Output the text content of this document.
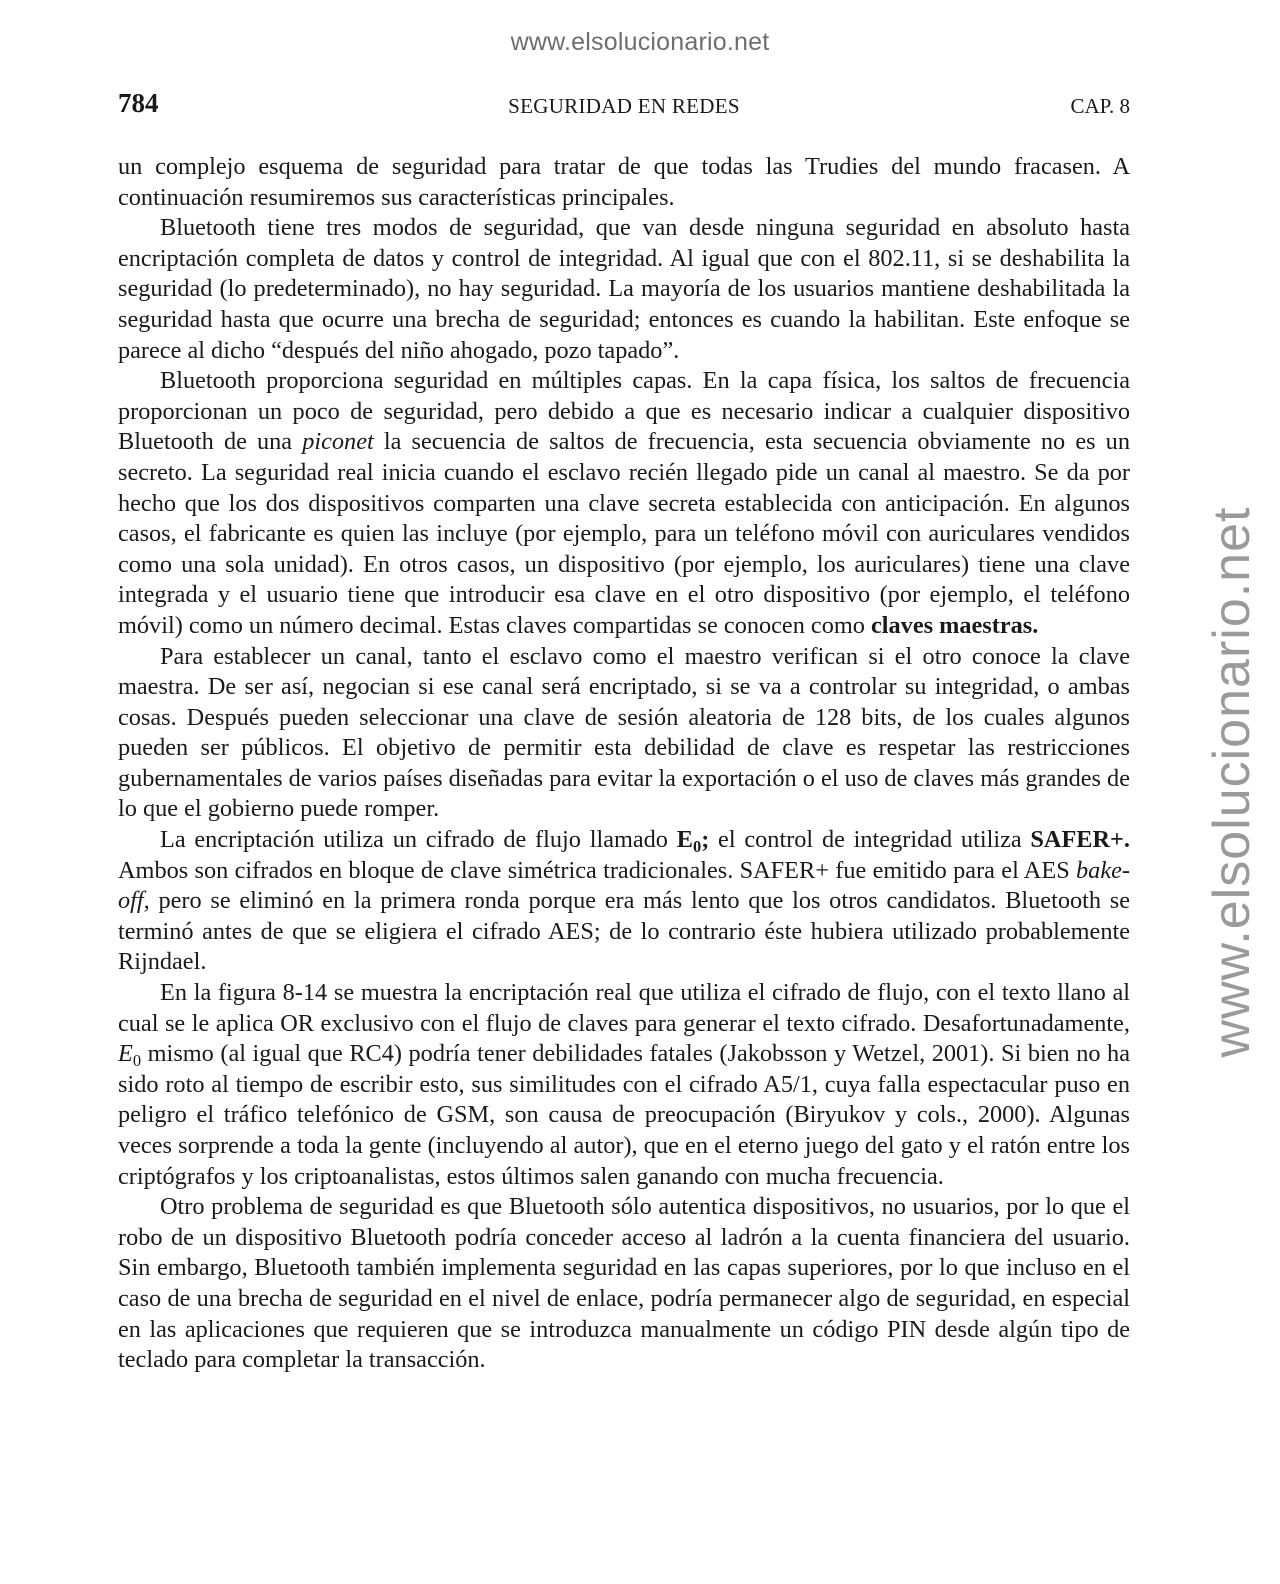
www.elsolucionario.net
www.elsolucionario.net
784	SEGURIDAD EN REDES	CAP. 8

un complejo esquema de seguridad para tratar de que todas las Trudies del mundo fracasen. A continuación resumiremos sus características principales.

Bluetooth tiene tres modos de seguridad, que van desde ninguna seguridad en absoluto hasta encriptación completa de datos y control de integridad. Al igual que con el 802.11, si se deshabilita la seguridad (lo predeterminado), no hay seguridad. La mayoría de los usuarios mantiene deshabilitada la seguridad hasta que ocurre una brecha de seguridad; entonces es cuando la habilitan. Este enfoque se parece al dicho “después del niño ahogado, pozo tapado”.

Bluetooth proporciona seguridad en múltiples capas. En la capa física, los saltos de frecuencia proporcionan un poco de seguridad, pero debido a que es necesario indicar a cualquier dispositivo Bluetooth de una piconet la secuencia de saltos de frecuencia, esta secuencia obviamente no es un secreto. La seguridad real inicia cuando el esclavo recién llegado pide un canal al maestro. Se da por hecho que los dos dispositivos comparten una clave secreta establecida con anticipación. En algunos casos, el fabricante es quien las incluye (por ejemplo, para un teléfono móvil con auriculares vendidos como una sola unidad). En otros casos, un dispositivo (por ejemplo, los auriculares) tiene una clave integrada y el usuario tiene que introducir esa clave en el otro dispositivo (por ejemplo, el teléfono móvil) como un número decimal. Estas claves compartidas se conocen como claves maestras.

Para establecer un canal, tanto el esclavo como el maestro verifican si el otro conoce la clave maestra. De ser así, negocian si ese canal será encriptado, si se va a controlar su integridad, o ambas cosas. Después pueden seleccionar una clave de sesión aleatoria de 128 bits, de los cuales algunos pueden ser públicos. El objetivo de permitir esta debilidad de clave es respetar las restricciones gubernamentales de varios países diseñadas para evitar la exportación o el uso de claves más grandes de lo que el gobierno puede romper.

La encriptación utiliza un cifrado de flujo llamado $E_0$; el control de integridad utiliza SAFER+. Ambos son cifrados en bloque de clave simétrica tradicionales. SAFER+ fue emitido para el AES bake-off, pero se eliminó en la primera ronda porque era más lento que los otros candidatos. Bluetooth se terminó antes de que se eligiera el cifrado AES; de lo contrario éste hubiera utilizado probablemente Rijndael.

En la figura 8-14 se muestra la encriptación real que utiliza el cifrado de flujo, con el texto llano al cual se le aplica OR exclusivo con el flujo de claves para generar el texto cifrado. Desafortunadamente, $E_0$ mismo (al igual que RC4) podría tener debilidades fatales (Jakobsson y Wetzel, 2001). Si bien no ha sido roto al tiempo de escribir esto, sus similitudes con el cifrado A5/1, cuya falla espectacular puso en peligro el tráfico telefónico de GSM, son causa de preocupación (Biryukov y cols., 2000). Algunas veces sorprende a toda la gente (incluyendo al autor), que en el eterno juego del gato y el ratón entre los criptógrafos y los criptoanalistas, estos últimos salen ganando con mucha frecuencia.

Otro problema de seguridad es que Bluetooth sólo autentica dispositivos, no usuarios, por lo que el robo de un dispositivo Bluetooth podría conceder acceso al ladrón a la cuenta financiera del usuario. Sin embargo, Bluetooth también implementa seguridad en las capas superiores, por lo que incluso en el caso de una brecha de seguridad en el nivel de enlace, podría permanecer algo de seguridad, en especial en las aplicaciones que requieren que se introduzca manualmente un código PIN desde algún tipo de teclado para completar la transacción.
